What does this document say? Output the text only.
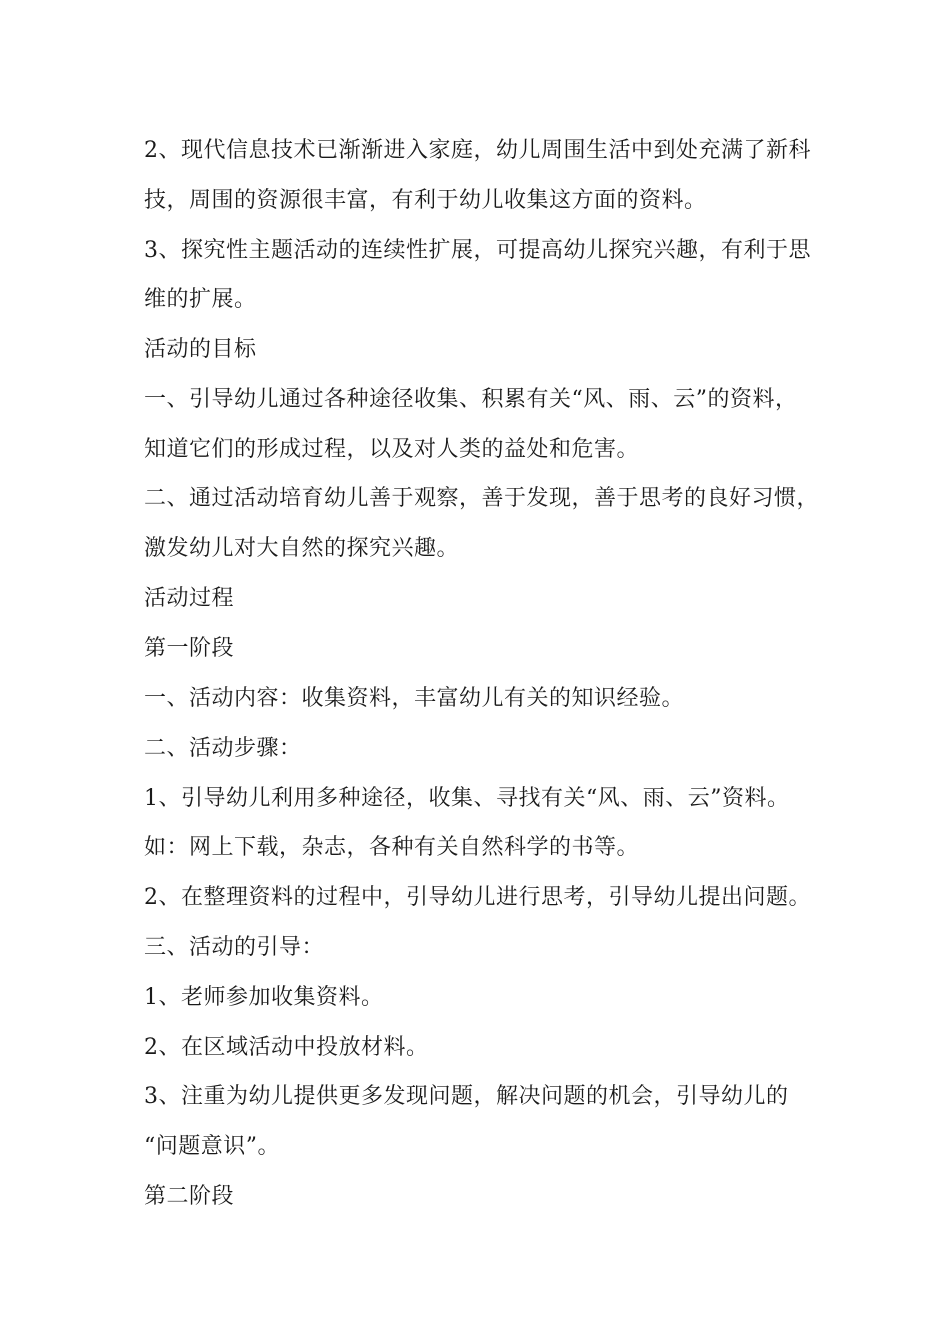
2、现代信息技术已渐渐进入家庭，幼儿周围生活中到处充满了新科

技，周围的资源很丰富，有利于幼儿收集这方面的资料。

3、探究性主题活动的连续性扩展，可提高幼儿探究兴趣，有利于思

维的扩展。

活动的目标

一、引导幼儿通过各种途径收集、积累有关“风、雨、云”的资料，

知道它们的形成过程，以及对人类的益处和危害。

二、通过活动培育幼儿善于观察，善于发现，善于思考的良好习惯，

激发幼儿对大自然的探究兴趣。

活动过程

第一阶段

一、活动内容：收集资料，丰富幼儿有关的知识经验。

二、活动步骤：

1、引导幼儿利用多种途径，收集、寻找有关“风、雨、云”资料。

如：网上下载，杂志，各种有关自然科学的书等。

2、在整理资料的过程中，引导幼儿进行思考，引导幼儿提出问题。

三、活动的引导：

1、老师参加收集资料。

2、在区域活动中投放材料。

3、注重为幼儿提供更多发现问题，解决问题的机会，引导幼儿的

“问题意识”。

第二阶段
